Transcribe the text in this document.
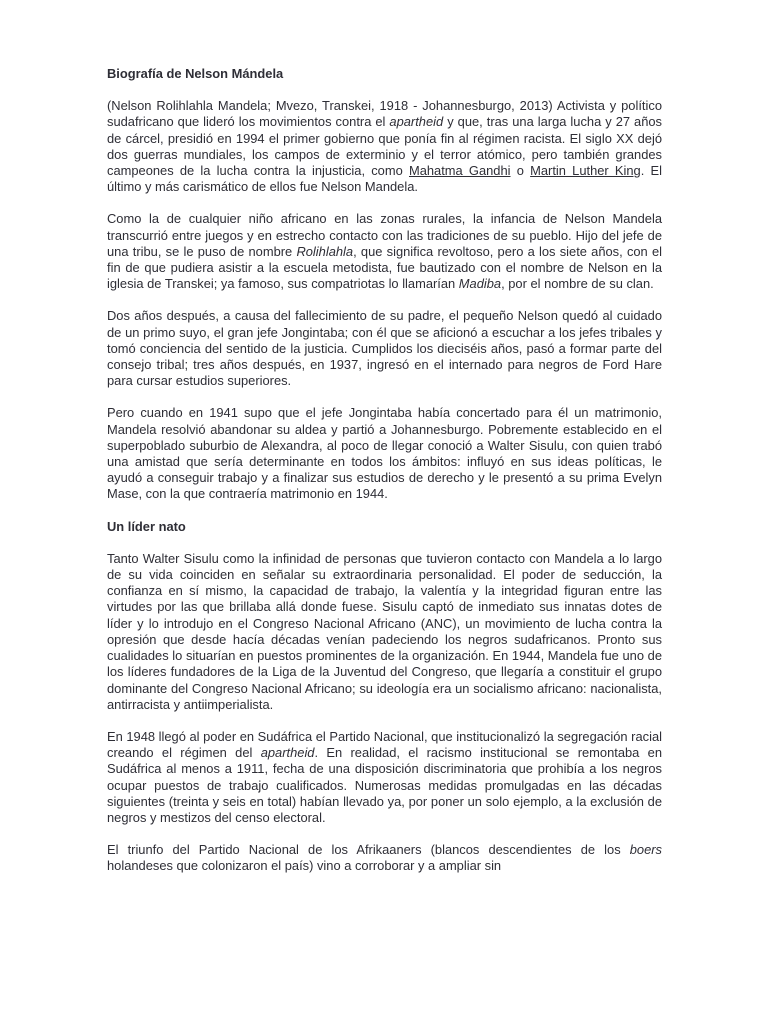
Biografía de Nelson Mándela

(Nelson Rolihlahla Mandela; Mvezo, Transkei, 1918 - Johannesburgo, 2013) Activista y político sudafricano que lideró los movimientos contra el apartheid y que, tras una larga lucha y 27 años de cárcel, presidió en 1994 el primer gobierno que ponía fin al régimen racista. El siglo XX dejó dos guerras mundiales, los campos de exterminio y el terror atómico, pero también grandes campeones de la lucha contra la injusticia, como Mahatma Gandhi o Martin Luther King. El último y más carismático de ellos fue Nelson Mandela.

Como la de cualquier niño africano en las zonas rurales, la infancia de Nelson Mandela transcurrió entre juegos y en estrecho contacto con las tradiciones de su pueblo. Hijo del jefe de una tribu, se le puso de nombre Rolihlahla, que significa revoltoso, pero a los siete años, con el fin de que pudiera asistir a la escuela metodista, fue bautizado con el nombre de Nelson en la iglesia de Transkei; ya famoso, sus compatriotas lo llamarían Madiba, por el nombre de su clan.

Dos años después, a causa del fallecimiento de su padre, el pequeño Nelson quedó al cuidado de un primo suyo, el gran jefe Jongintaba; con él que se aficionó a escuchar a los jefes tribales y tomó conciencia del sentido de la justicia. Cumplidos los dieciséis años, pasó a formar parte del consejo tribal; tres años después, en 1937, ingresó en el internado para negros de Ford Hare para cursar estudios superiores.

Pero cuando en 1941 supo que el jefe Jongintaba había concertado para él un matrimonio, Mandela resolvió abandonar su aldea y partió a Johannesburgo. Pobremente establecido en el superpoblado suburbio de Alexandra, al poco de llegar conoció a Walter Sisulu, con quien trabó una amistad que sería determinante en todos los ámbitos: influyó en sus ideas políticas, le ayudó a conseguir trabajo y a finalizar sus estudios de derecho y le presentó a su prima Evelyn Mase, con la que contraería matrimonio en 1944.

Un líder nato

Tanto Walter Sisulu como la infinidad de personas que tuvieron contacto con Mandela a lo largo de su vida coinciden en señalar su extraordinaria personalidad. El poder de seducción, la confianza en sí mismo, la capacidad de trabajo, la valentía y la integridad figuran entre las virtudes por las que brillaba allá donde fuese. Sisulu captó de inmediato sus innatas dotes de líder y lo introdujo en el Congreso Nacional Africano (ANC), un movimiento de lucha contra la opresión que desde hacía décadas venían padeciendo los negros sudafricanos. Pronto sus cualidades lo situarían en puestos prominentes de la organización. En 1944, Mandela fue uno de los líderes fundadores de la Liga de la Juventud del Congreso, que llegaría a constituir el grupo dominante del Congreso Nacional Africano; su ideología era un socialismo africano: nacionalista, antirracista y antiimperialista.

En 1948 llegó al poder en Sudáfrica el Partido Nacional, que institucionalizó la segregación racial creando el régimen del apartheid. En realidad, el racismo institucional se remontaba en Sudáfrica al menos a 1911, fecha de una disposición discriminatoria que prohibía a los negros ocupar puestos de trabajo cualificados. Numerosas medidas promulgadas en las décadas siguientes (treinta y seis en total) habían llevado ya, por poner un solo ejemplo, a la exclusión de negros y mestizos del censo electoral.

El triunfo del Partido Nacional de los Afrikaaners (blancos descendientes de los boers holandeses que colonizaron el país) vino a corroborar y a ampliar sin
